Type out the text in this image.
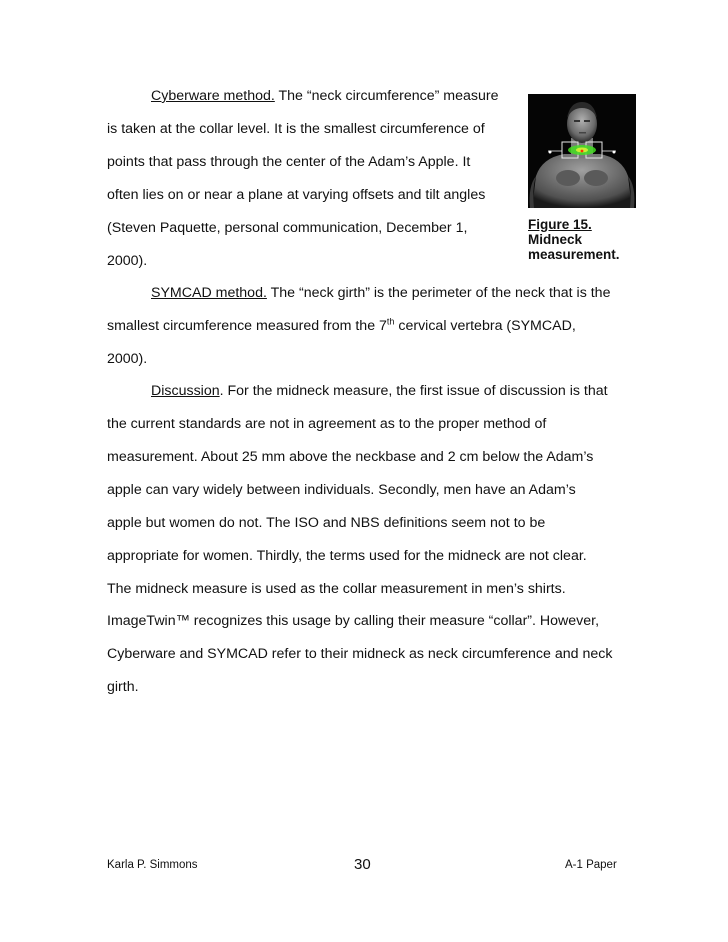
Cyberware method. The “neck circumference” measure
is taken at the collar level. It is the smallest circumference of
points that pass through the center of the Adam’s Apple. It
often lies on or near a plane at varying offsets and tilt angles
(Steven Paquette, personal communication, December 1,
2000).
Figure 15.
Midneck
measurement.
SYMCAD method. The “neck girth” is the perimeter of the neck that is the
smallest circumference measured from the 7th cervical vertebra (SYMCAD,
2000).
Discussion. For the midneck measure, the first issue of discussion is that
the current standards are not in agreement as to the proper method of
measurement. About 25 mm above the neckbase and 2 cm below the Adam’s
apple can vary widely between individuals. Secondly, men have an Adam’s
apple but women do not. The ISO and NBS definitions seem not to be
appropriate for women. Thirdly, the terms used for the midneck are not clear.
The midneck measure is used as the collar measurement in men’s shirts.
ImageTwin™ recognizes this usage by calling their measure “collar”. However,
Cyberware and SYMCAD refer to their midneck as neck circumference and neck
girth.
Karla P. Simmons	30	A-1 Paper
